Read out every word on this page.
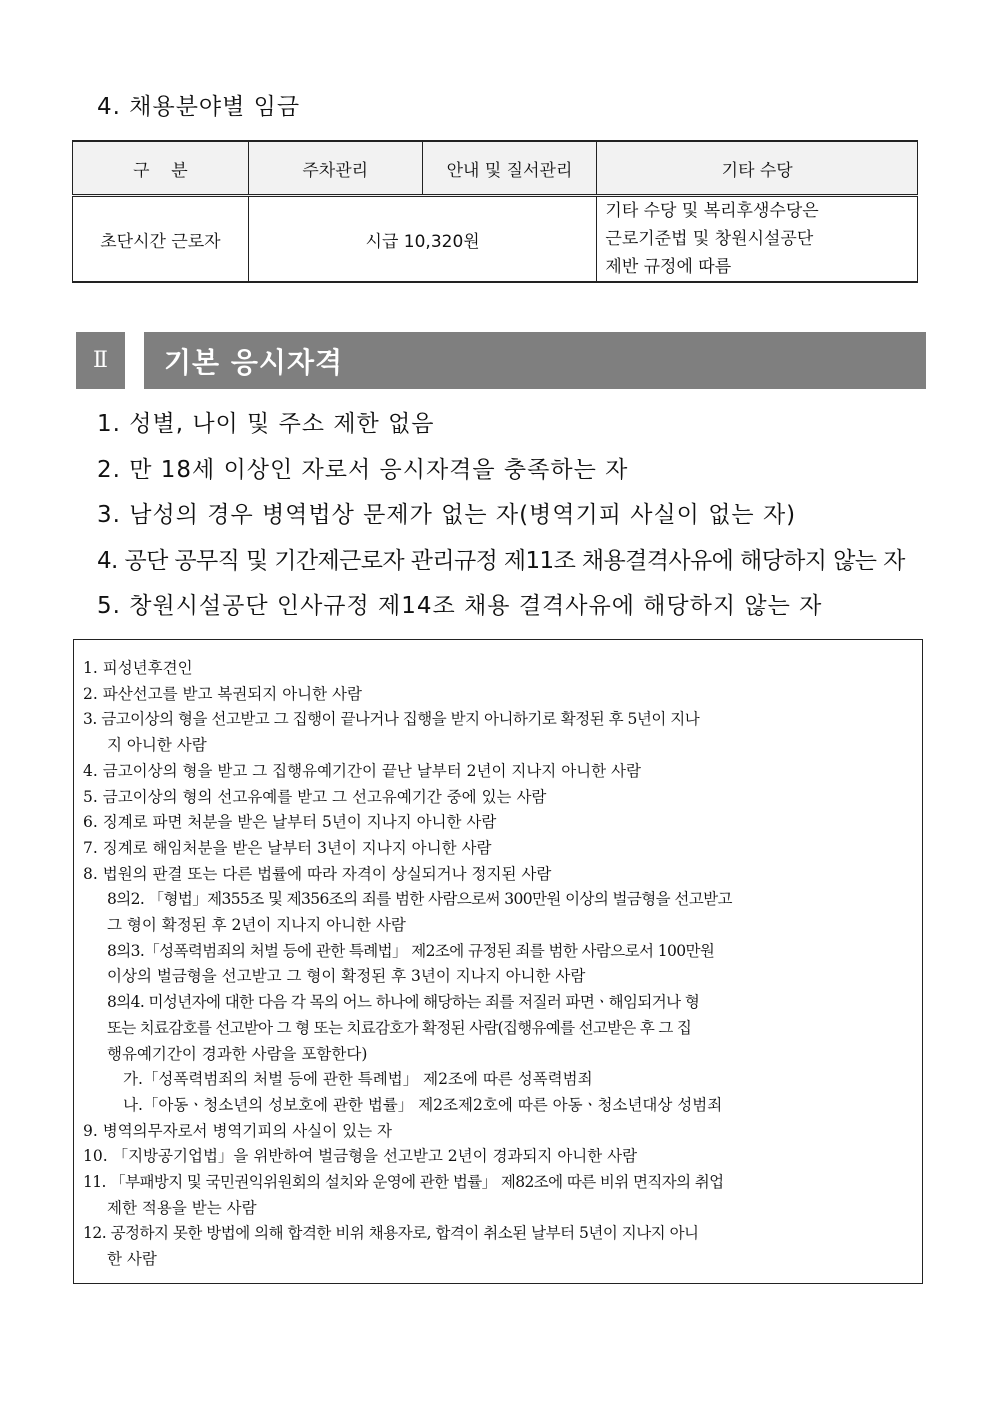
4. 채용분야별 임금
구    분	주차관리	안내 및 질서관리	기타 수당
초단시간 근로자	시급 10,320원		기타 수당 및 복리후생수당은
근로기준법 및 창원시설공단
제반 규정에 따름
Ⅱ	기본 응시자격
1. 성별, 나이 및 주소 제한 없음
2. 만 18세 이상인 자로서 응시자격을 충족하는 자
3. 남성의 경우 병역법상 문제가 없는 자(병역기피 사실이 없는 자)
4. 공단 공무직 및 기간제근로자 관리규정 제11조 채용결격사유에 해당하지 않는 자
5. 창원시설공단 인사규정 제14조 채용 결격사유에 해당하지 않는 자
1. 피성년후견인
2. 파산선고를 받고 복권되지 아니한 사람
3. 금고이상의 형을 선고받고 그 집행이 끝나거나 집행을 받지 아니하기로 확정된 후 5년이 지나
지 아니한 사람
4. 금고이상의 형을 받고 그 집행유예기간이 끝난 날부터 2년이 지나지 아니한 사람
5. 금고이상의 형의 선고유예를 받고 그 선고유예기간 중에 있는 사람
6. 징계로 파면 처분을 받은 날부터 5년이 지나지 아니한 사람
7. 징계로 해임처분을 받은 날부터 3년이 지나지 아니한 사람
8. 법원의 판결 또는 다른 법률에 따라 자격이 상실되거나 정지된 사람
8의2. 「형법」제355조 및 제356조의 죄를 범한 사람으로써 300만원 이상의 벌금형을 선고받고
그 형이 확정된 후 2년이 지나지 아니한 사람
8의3.「성폭력범죄의 처벌 등에 관한 특례법」 제2조에 규정된 죄를 범한 사람으로서 100만원
이상의 벌금형을 선고받고 그 형이 확정된 후 3년이 지나지 아니한 사람
8의4. 미성년자에 대한 다음 각 목의 어느 하나에 해당하는 죄를 저질러 파면ㆍ해임되거나 형
또는 치료감호를 선고받아 그 형 또는 치료감호가 확정된 사람(집행유예를 선고받은 후 그 집
행유예기간이 경과한 사람을 포함한다)
가.「성폭력범죄의 처벌 등에 관한 특례법」 제2조에 따른 성폭력범죄
나.「아동ㆍ청소년의 성보호에 관한 법률」 제2조제2호에 따른 아동ㆍ청소년대상 성범죄
9. 병역의무자로서 병역기피의 사실이 있는 자
10. 「지방공기업법」을 위반하여 벌금형을 선고받고 2년이 경과되지 아니한 사람
11. 「부패방지 및 국민권익위원회의 설치와 운영에 관한 법률」 제82조에 따른 비위 면직자의 취업
제한 적용을 받는 사람
12. 공정하지 못한 방법에 의해 합격한 비위 채용자로, 합격이 취소된 날부터 5년이 지나지 아니
한 사람
